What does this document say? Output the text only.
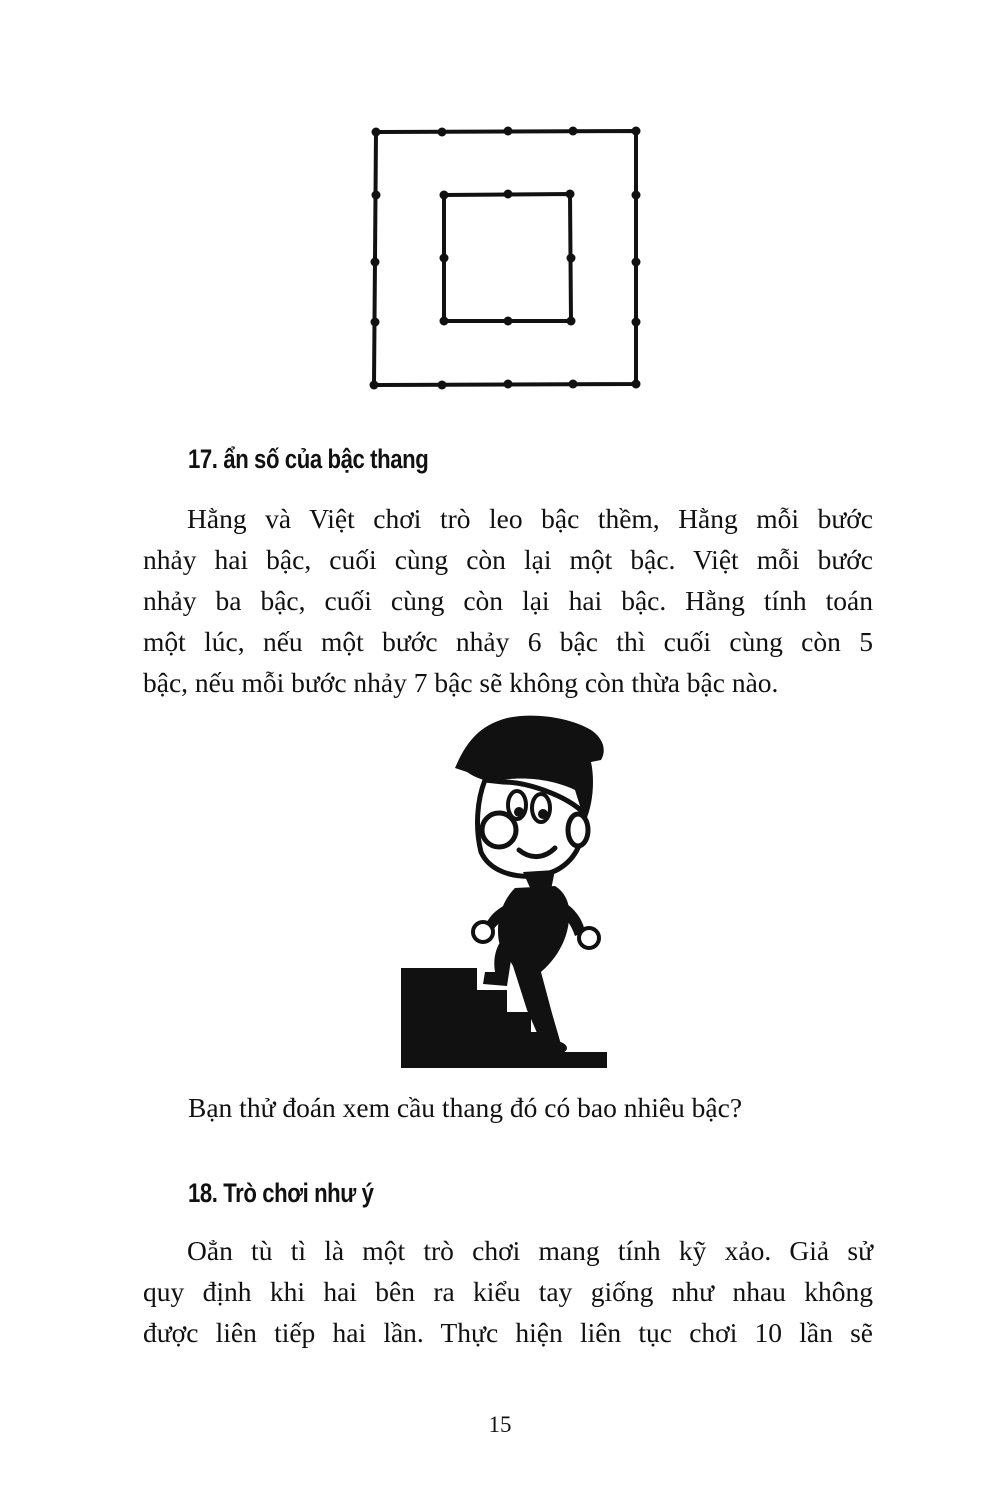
17. ẩn số của bậc thang
Hằng và Việt chơi trò leo bậc thềm, Hằng mỗi bước
nhảy hai bậc, cuối cùng còn lại một bậc. Việt mỗi bước
nhảy ba bậc, cuối cùng còn lại hai bậc. Hằng tính toán
một lúc, nếu một bước nhảy 6 bậc thì cuối cùng còn 5
bậc, nếu mỗi bước nhảy 7 bậc sẽ không còn thừa bậc nào.

Bạn thử đoán xem cầu thang đó có bao nhiêu bậc?

18. Trò chơi như ý
Oẳn tù tì là một trò chơi mang tính kỹ xảo. Giả sử
quy định khi hai bên ra kiểu tay giống như nhau không
được liên tiếp hai lần. Thực hiện liên tục chơi 10 lần sẽ
15
